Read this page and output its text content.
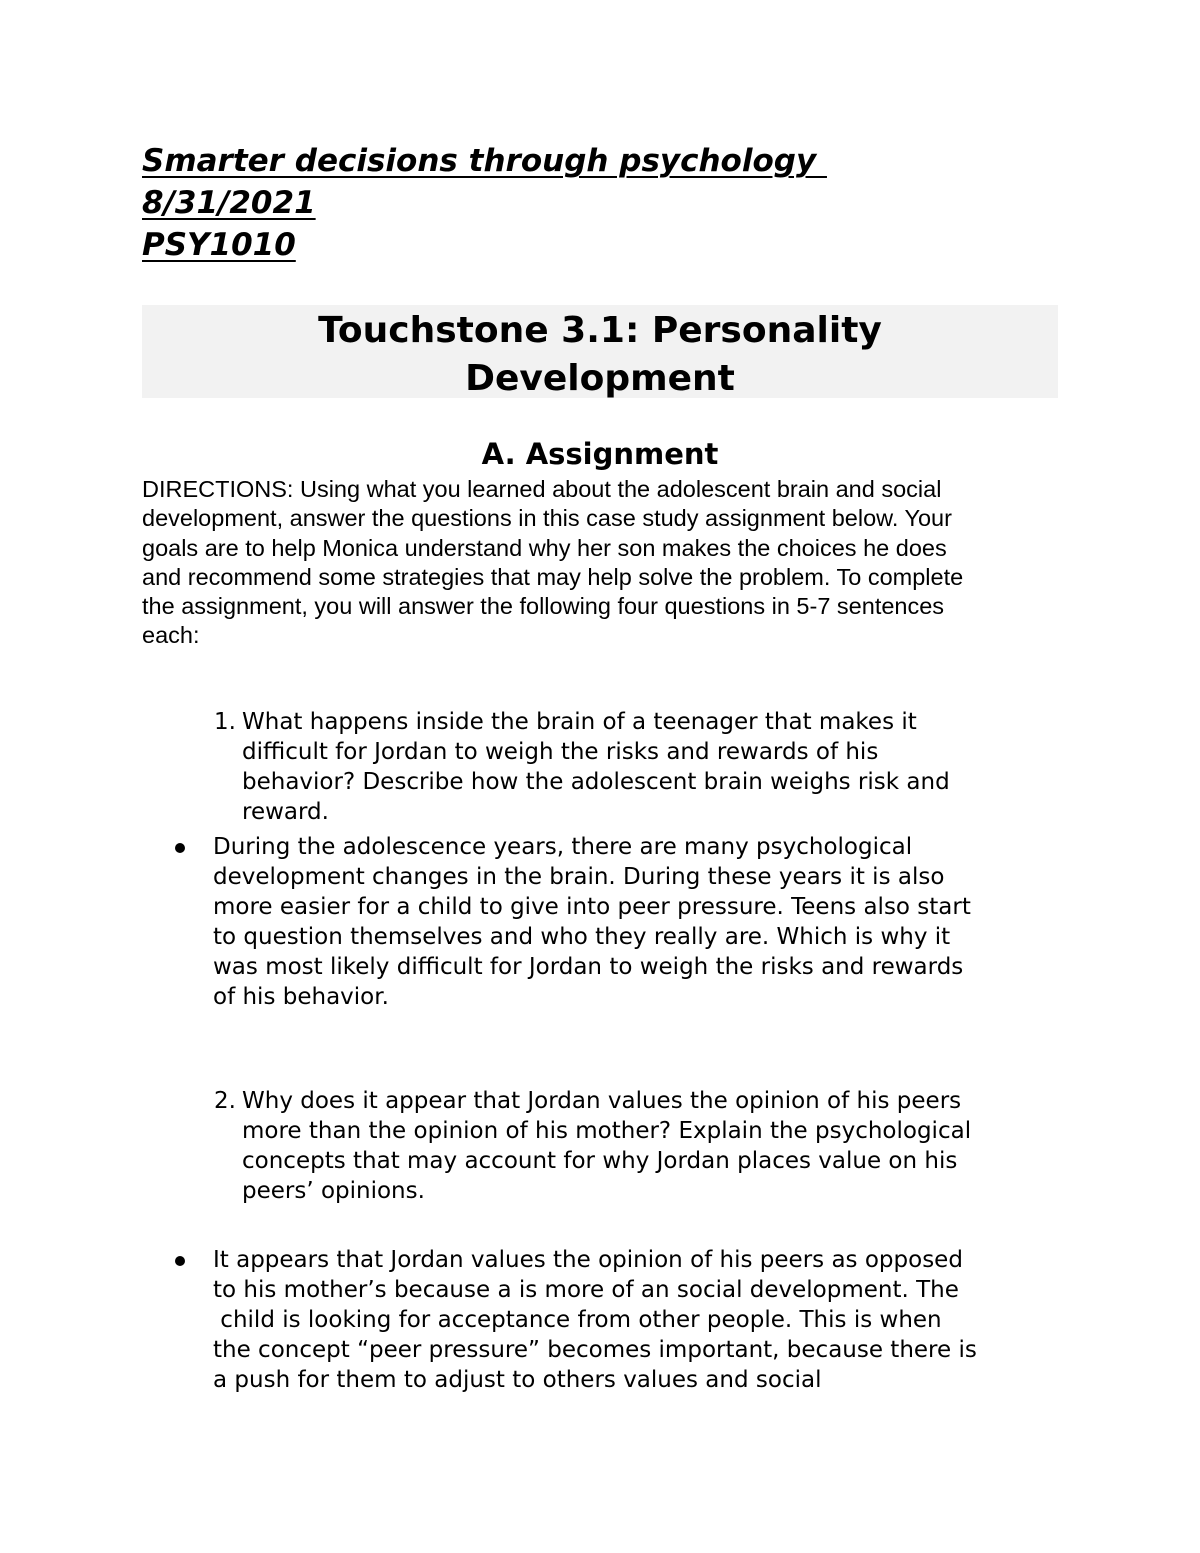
Smarter decisions through psychology
8/31/2021
PSY1010
Touchstone 3.1: Personality
Development
A. Assignment
DIRECTIONS: Using what you learned about the adolescent brain and social
development, answer the questions in this case study assignment below. Your
goals are to help Monica understand why her son makes the choices he does
and recommend some strategies that may help solve the problem. To complete
the assignment, you will answer the following four questions in 5-7 sentences
each:
1. What happens inside the brain of a teenager that makes it
difficult for Jordan to weigh the risks and rewards of his
behavior? Describe how the adolescent brain weighs risk and
reward.
During the adolescence years, there are many psychological
development changes in the brain. During these years it is also
more easier for a child to give into peer pressure. Teens also start
to question themselves and who they really are. Which is why it
was most likely difficult for Jordan to weigh the risks and rewards
of his behavior.
2. Why does it appear that Jordan values the opinion of his peers
more than the opinion of his mother? Explain the psychological
concepts that may account for why Jordan places value on his
peers’ opinions.
It appears that Jordan values the opinion of his peers as opposed
to his mother’s because a is more of an social development. The
child is looking for acceptance from other people. This is when
the concept “peer pressure” becomes important, because there is
a push for them to adjust to others values and social
